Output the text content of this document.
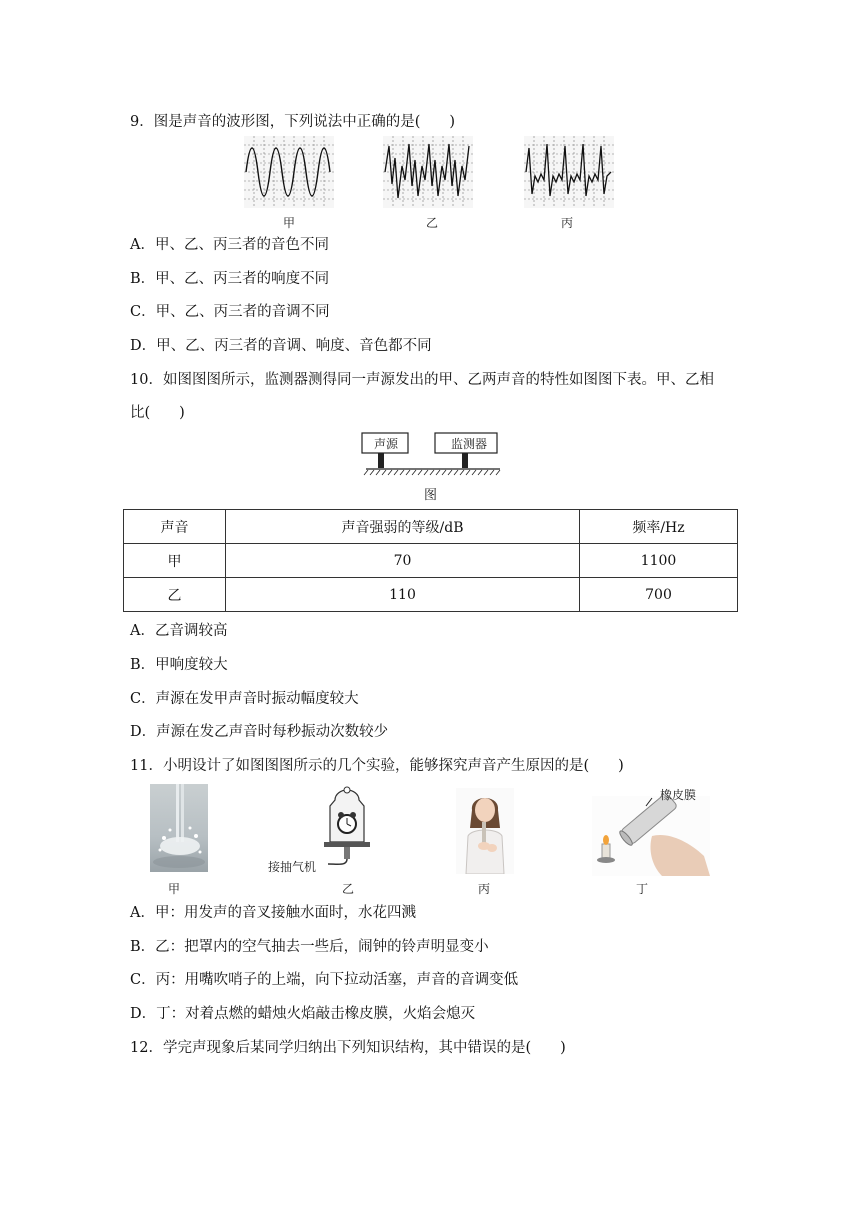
9．图是声音的波形图，下列说法中正确的是(　　)
甲	乙	丙
A．甲、乙、丙三者的音色不同
B．甲、乙、丙三者的响度不同
C．甲、乙、丙三者的音调不同
D．甲、乙、丙三者的音调、响度、音色都不同
10．如图图图所示，监测器测得同一声源发出的甲、乙两声音的特性如图图下表。甲、乙相
比(　　)
声源	监测器
图
声音	声音强弱的等级/dB	频率/Hz
甲	70	1100
乙	110	700
A．乙音调较高
B．甲响度较大
C．声源在发甲声音时振动幅度较大
D．声源在发乙声音时每秒振动次数较少
11．小明设计了如图图图所示的几个实验，能够探究声音产生原因的是(　　)
接抽气机
橡皮膜
甲	乙	丙	丁
A．甲：用发声的音叉接触水面时，水花四溅
B．乙：把罩内的空气抽去一些后，闹钟的铃声明显变小
C．丙：用嘴吹哨子的上端，向下拉动活塞，声音的音调变低
D．丁：对着点燃的蜡烛火焰敲击橡皮膜，火焰会熄灭
12．学完声现象后某同学归纳出下列知识结构，其中错误的是(　　)
